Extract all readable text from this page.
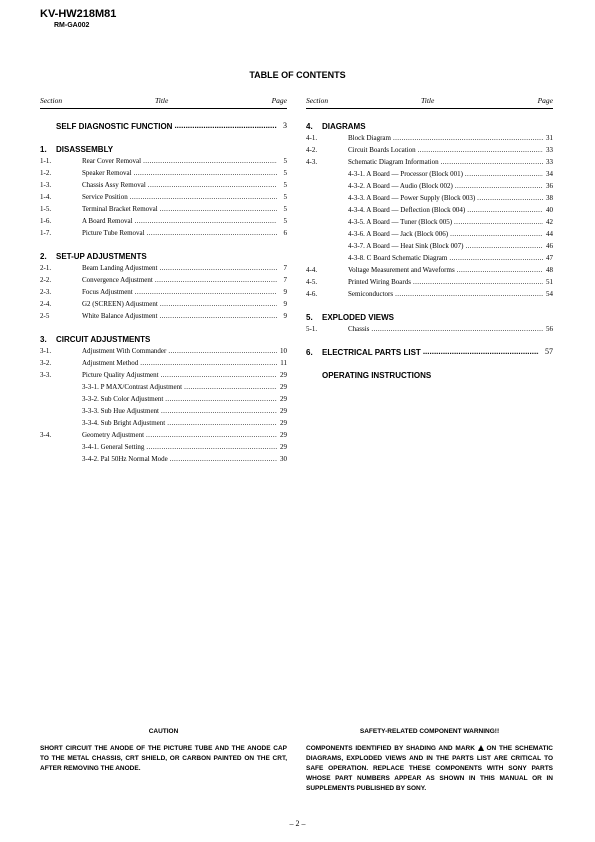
KV-HW218M81
RM-GA002
TABLE OF CONTENTS
Section	Title	Page
SELF DIAGNOSTIC FUNCTION .....	3
1.	DISASSEMBLY
1-1.	Rear Cover Removal .....	5
1-2.	Speaker Removal .....	5
1-3.	Chassis Assy Removal .....	5
1-4.	Service Position .....	5
1-5.	Terminal Bracket Removal .....	5
1-6.	A Board Removal .....	5
1-7.	Picture Tube Removal .....	6
2.	SET-UP ADJUSTMENTS
2-1.	Beam Landing Adjustment .....	7
2-2.	Convergence Adjustment .....	7
2-3.	Focus Adjustment .....	9
2-4.	G2 (SCREEN) Adjustment .....	9
2-5	White Balance Adjustment .....	9
3.	CIRCUIT ADJUSTMENTS
3-1.	Adjustment With Commander .....	10
3-2.	Adjustment Method .....	11
3-3.	Picture Quality Adjustment .....	29
3-3-1. P MAX/Contrast Adjustment .....	29
3-3-2. Sub Color Adjustment .....	29
3-3-3. Sub Hue Adjustment .....	29
3-3-4. Sub Bright Adjustment .....	29
3-4.	Geometry Adjustment .....	29
3-4-1. General Setting .....	29
3-4-2. Pal 50Hz Normal Mode .....	30
Section	Title	Page
4.	DIAGRAMS
4-1.	Block Diagram .....	31
4-2.	Circuit Boards Location .....	33
4-3.	Schematic Diagram Information .....	33
4-3-1. A Board — Processor (Block 001) .....	34
4-3-2. A Board — Audio (Block 002) .....	36
4-3-3. A Board — Power Supply (Block 003) .....	38
4-3-4. A Board — Deflection (Block 004) .....	40
4-3-5. A Board — Tuner (Block 005) .....	42
4-3-6. A Board — Jack (Block 006) .....	44
4-3-7. A Board — Heat Sink (Block 007) .....	46
4-3-8. C Board Schematic Diagram .....	47
4-4.	Voltage Measurement and Waveforms .....	48
4-5.	Printed Wiring Boards .....	51
4-6.	Semiconductors .....	54
5.	EXPLODED VIEWS
5-1.	Chassis .....	56
6.	ELECTRICAL PARTS LIST .....	57
OPERATING INSTRUCTIONS
CAUTION

SHORT CIRCUIT THE ANODE OF THE PICTURE TUBE AND THE ANODE CAP TO THE METAL CHASSIS, CRT SHIELD, OR CARBON PAINTED ON THE CRT, AFTER REMOVING THE ANODE.

SAFETY-RELATED COMPONENT WARNING!!

COMPONENTS IDENTIFIED BY SHADING AND MARK  ON THE SCHEMATIC DIAGRAMS, EXPLODED VIEWS AND IN THE PARTS LIST ARE CRITICAL TO SAFE OPERATION. REPLACE THESE COMPONENTS WITH SONY PARTS WHOSE PART NUMBERS APPEAR AS SHOWN IN THIS MANUAL OR IN SUPPLEMENTS PUBLISHED BY SONY.

– 2 –
